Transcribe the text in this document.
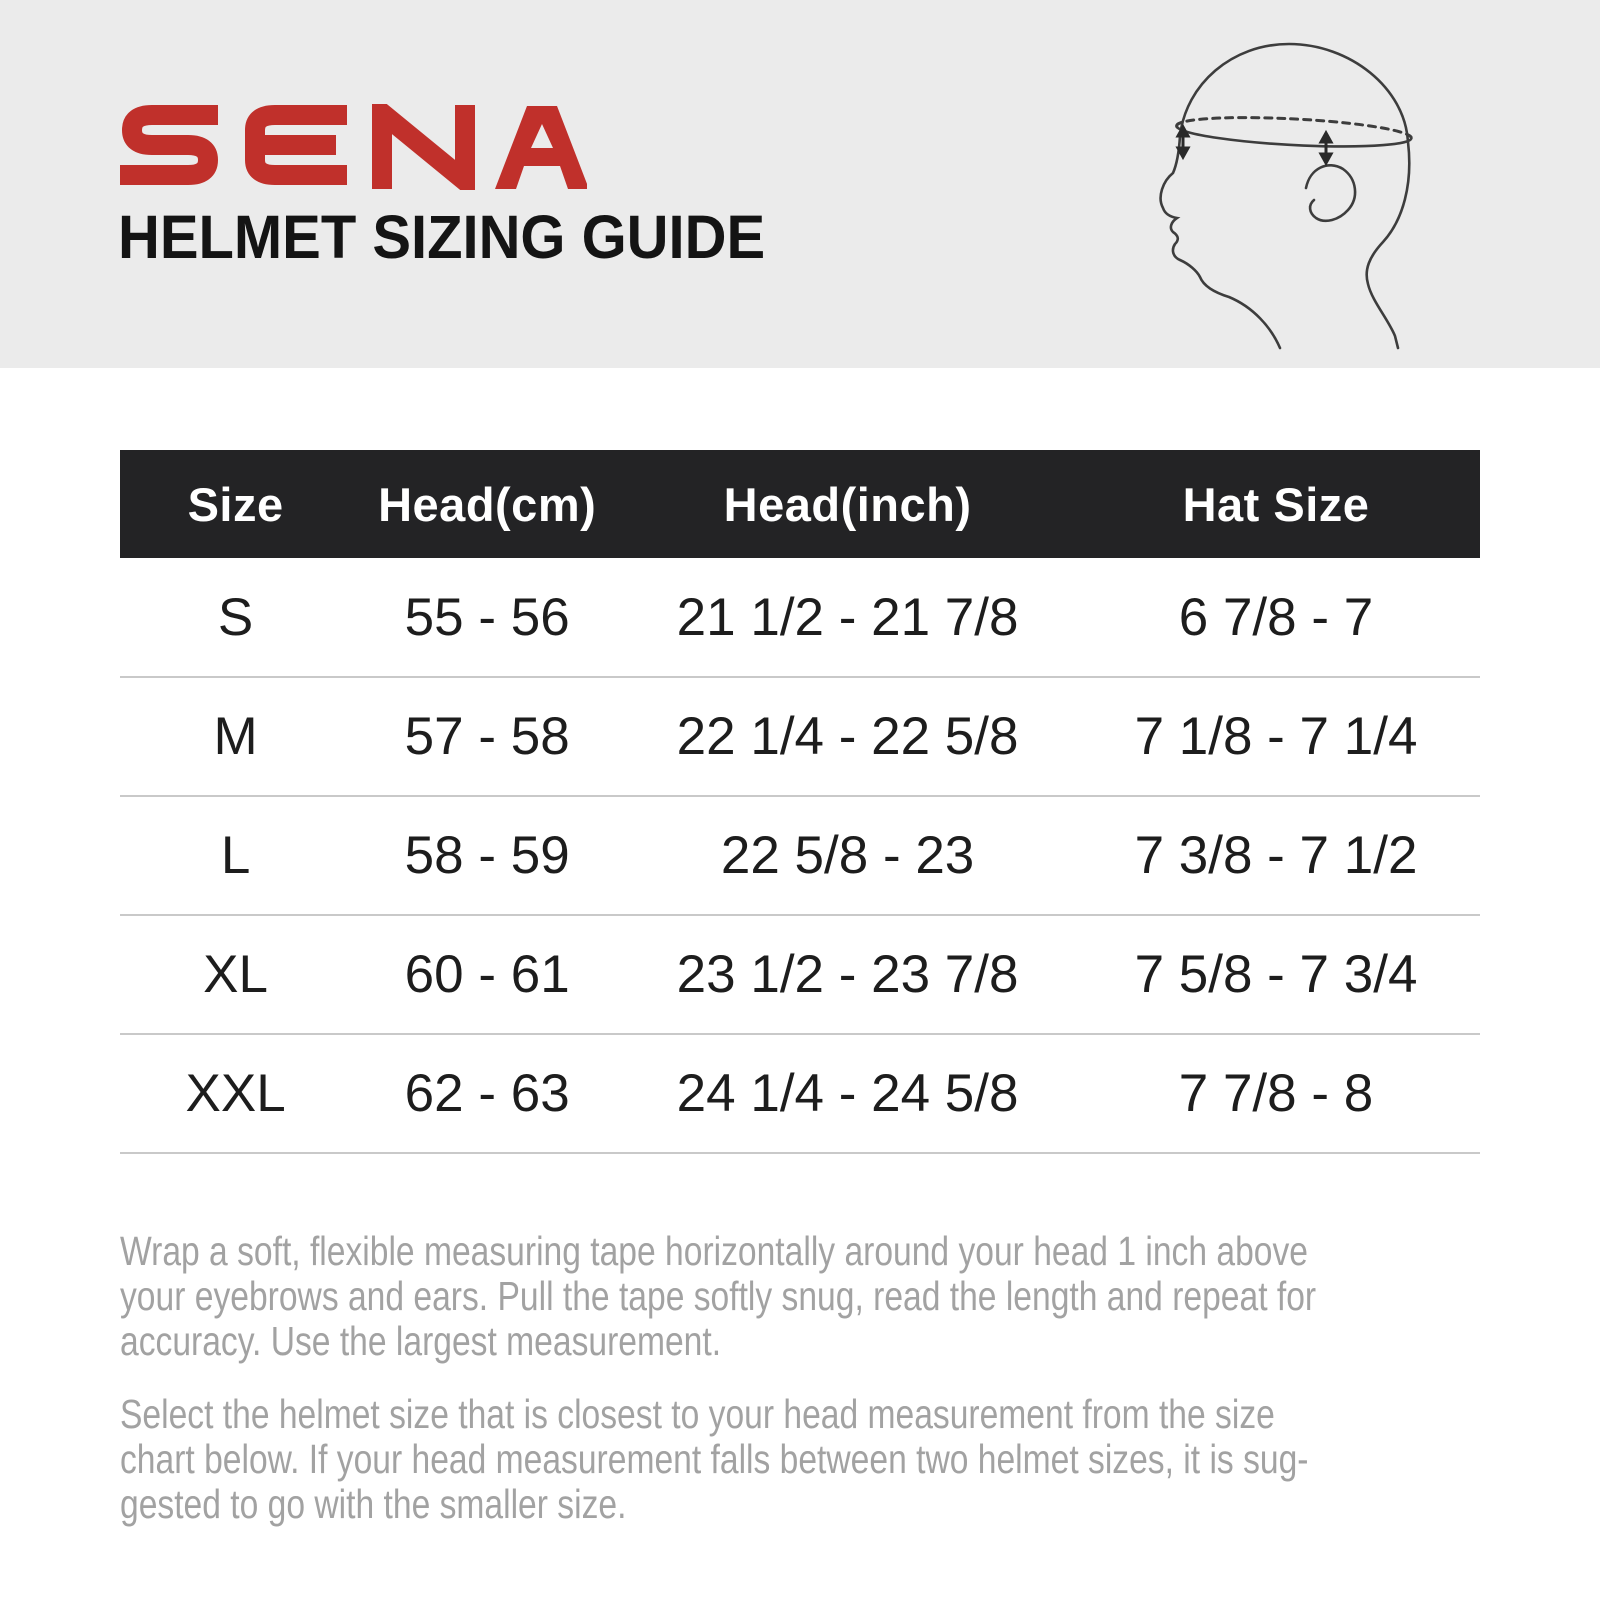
HELMET SIZING GUIDE
Size	Head(cm)	Head(inch)	Hat Size
S	55 - 56	21 1/2 - 21 7/8	6 7/8 - 7
M	57 - 58	22 1/4 - 22 5/8	7 1/8 - 7 1/4
L	58 - 59	22 5/8 - 23	7 3/8 - 7 1/2
XL	60 - 61	23 1/2 - 23 7/8	7 5/8 - 7 3/4
XXL	62 - 63	24 1/4 - 24 5/8	7 7/8 - 8
Wrap a soft, flexible measuring tape horizontally around your head 1 inch above
your eyebrows and ears. Pull the tape softly snug, read the length and repeat for
accuracy. Use the largest measurement.
Select the helmet size that is closest to your head measurement from the size
chart below. If your head measurement falls between two helmet sizes, it is sug-
gested to go with the smaller size.
